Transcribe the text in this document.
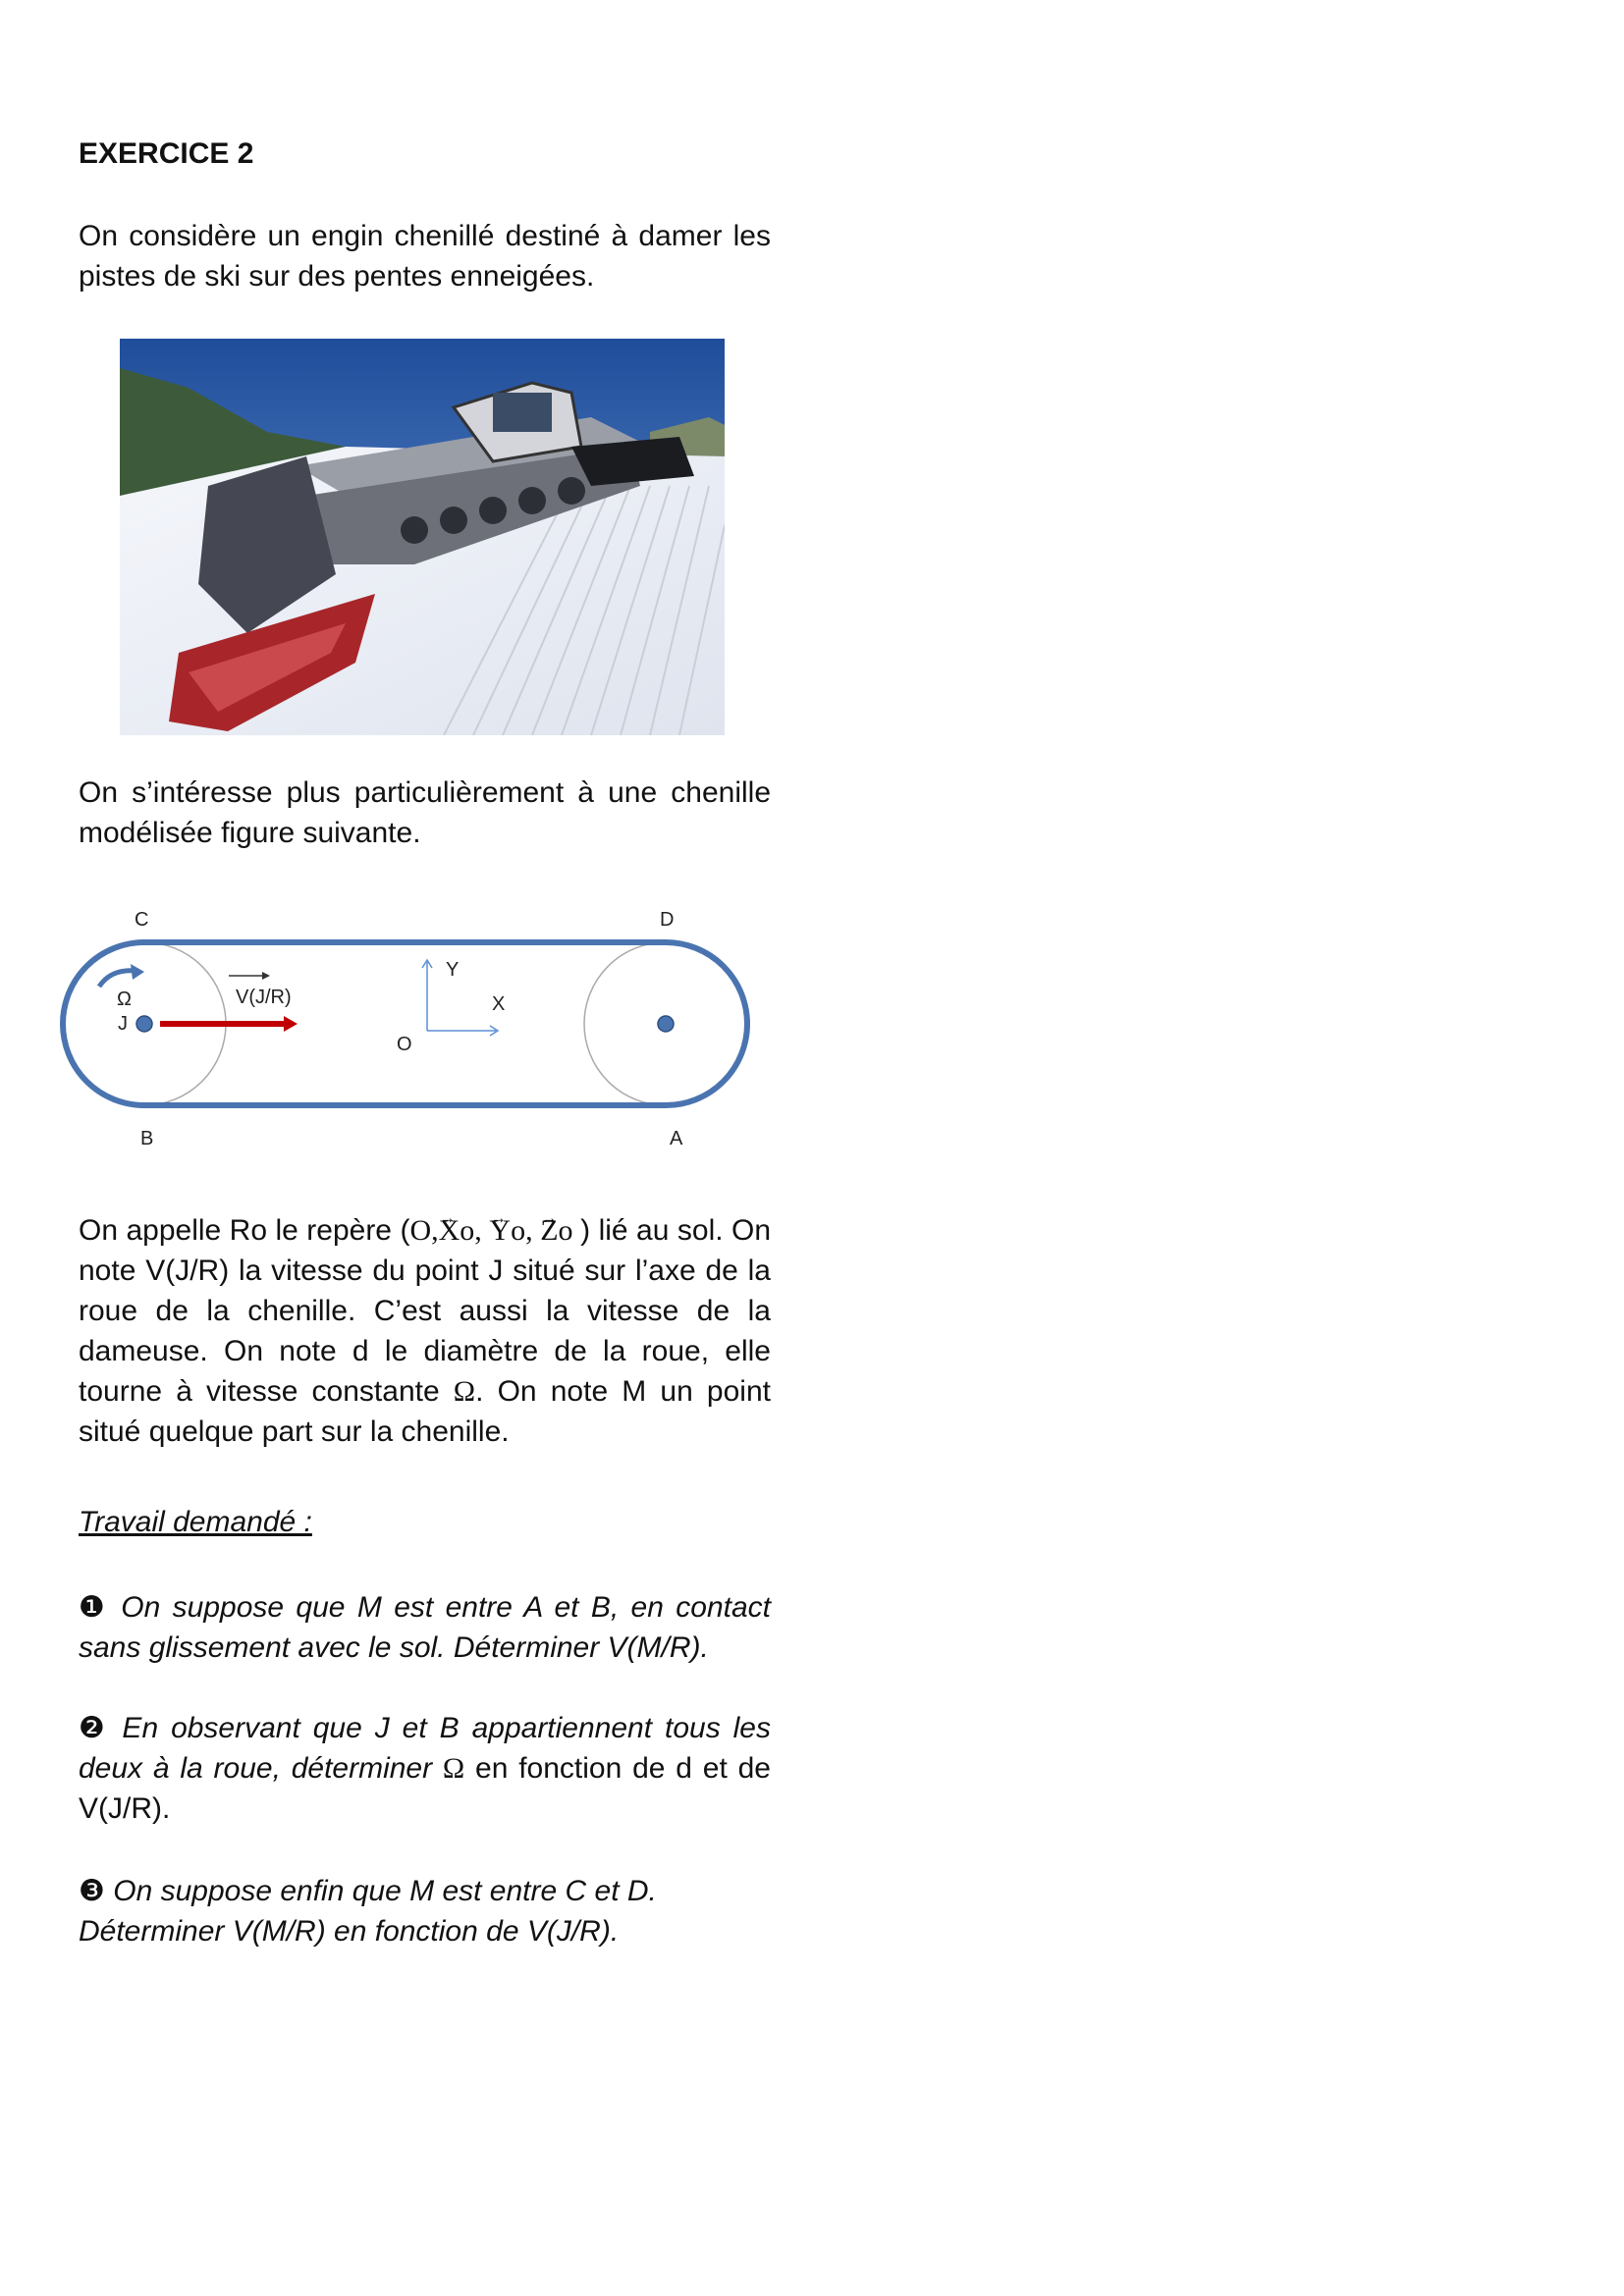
EXERCICE 2
On considère un engin chenillé destiné à damer les pistes de ski sur des pentes enneigées.
On s’intéresse plus particulièrement à une chenille modélisée figure suivante.
C	D
B	A
Ω
J
V(J/R)
Y
X
O
On appelle Ro le repère (O,→ Xo, → Yo, → Zo ) lié au sol. On note V(J/R) la vitesse du point J situé sur l’axe de la roue de la chenille. C’est aussi la vitesse de la dameuse. On note d le diamètre de la roue, elle tourne à vitesse constante Ω. On note M un point situé quelque part sur la chenille.
Travail demandé :
❶ On suppose que M est entre A et B, en contact sans glissement avec le sol. Déterminer V(M/R).
❷ En observant que J et B appartiennent tous les deux à la roue, déterminer Ω en fonction de d et de V(J/R).
❸ On suppose enfin que M est entre C et D.
Déterminer V(M/R) en fonction de V(J/R).
